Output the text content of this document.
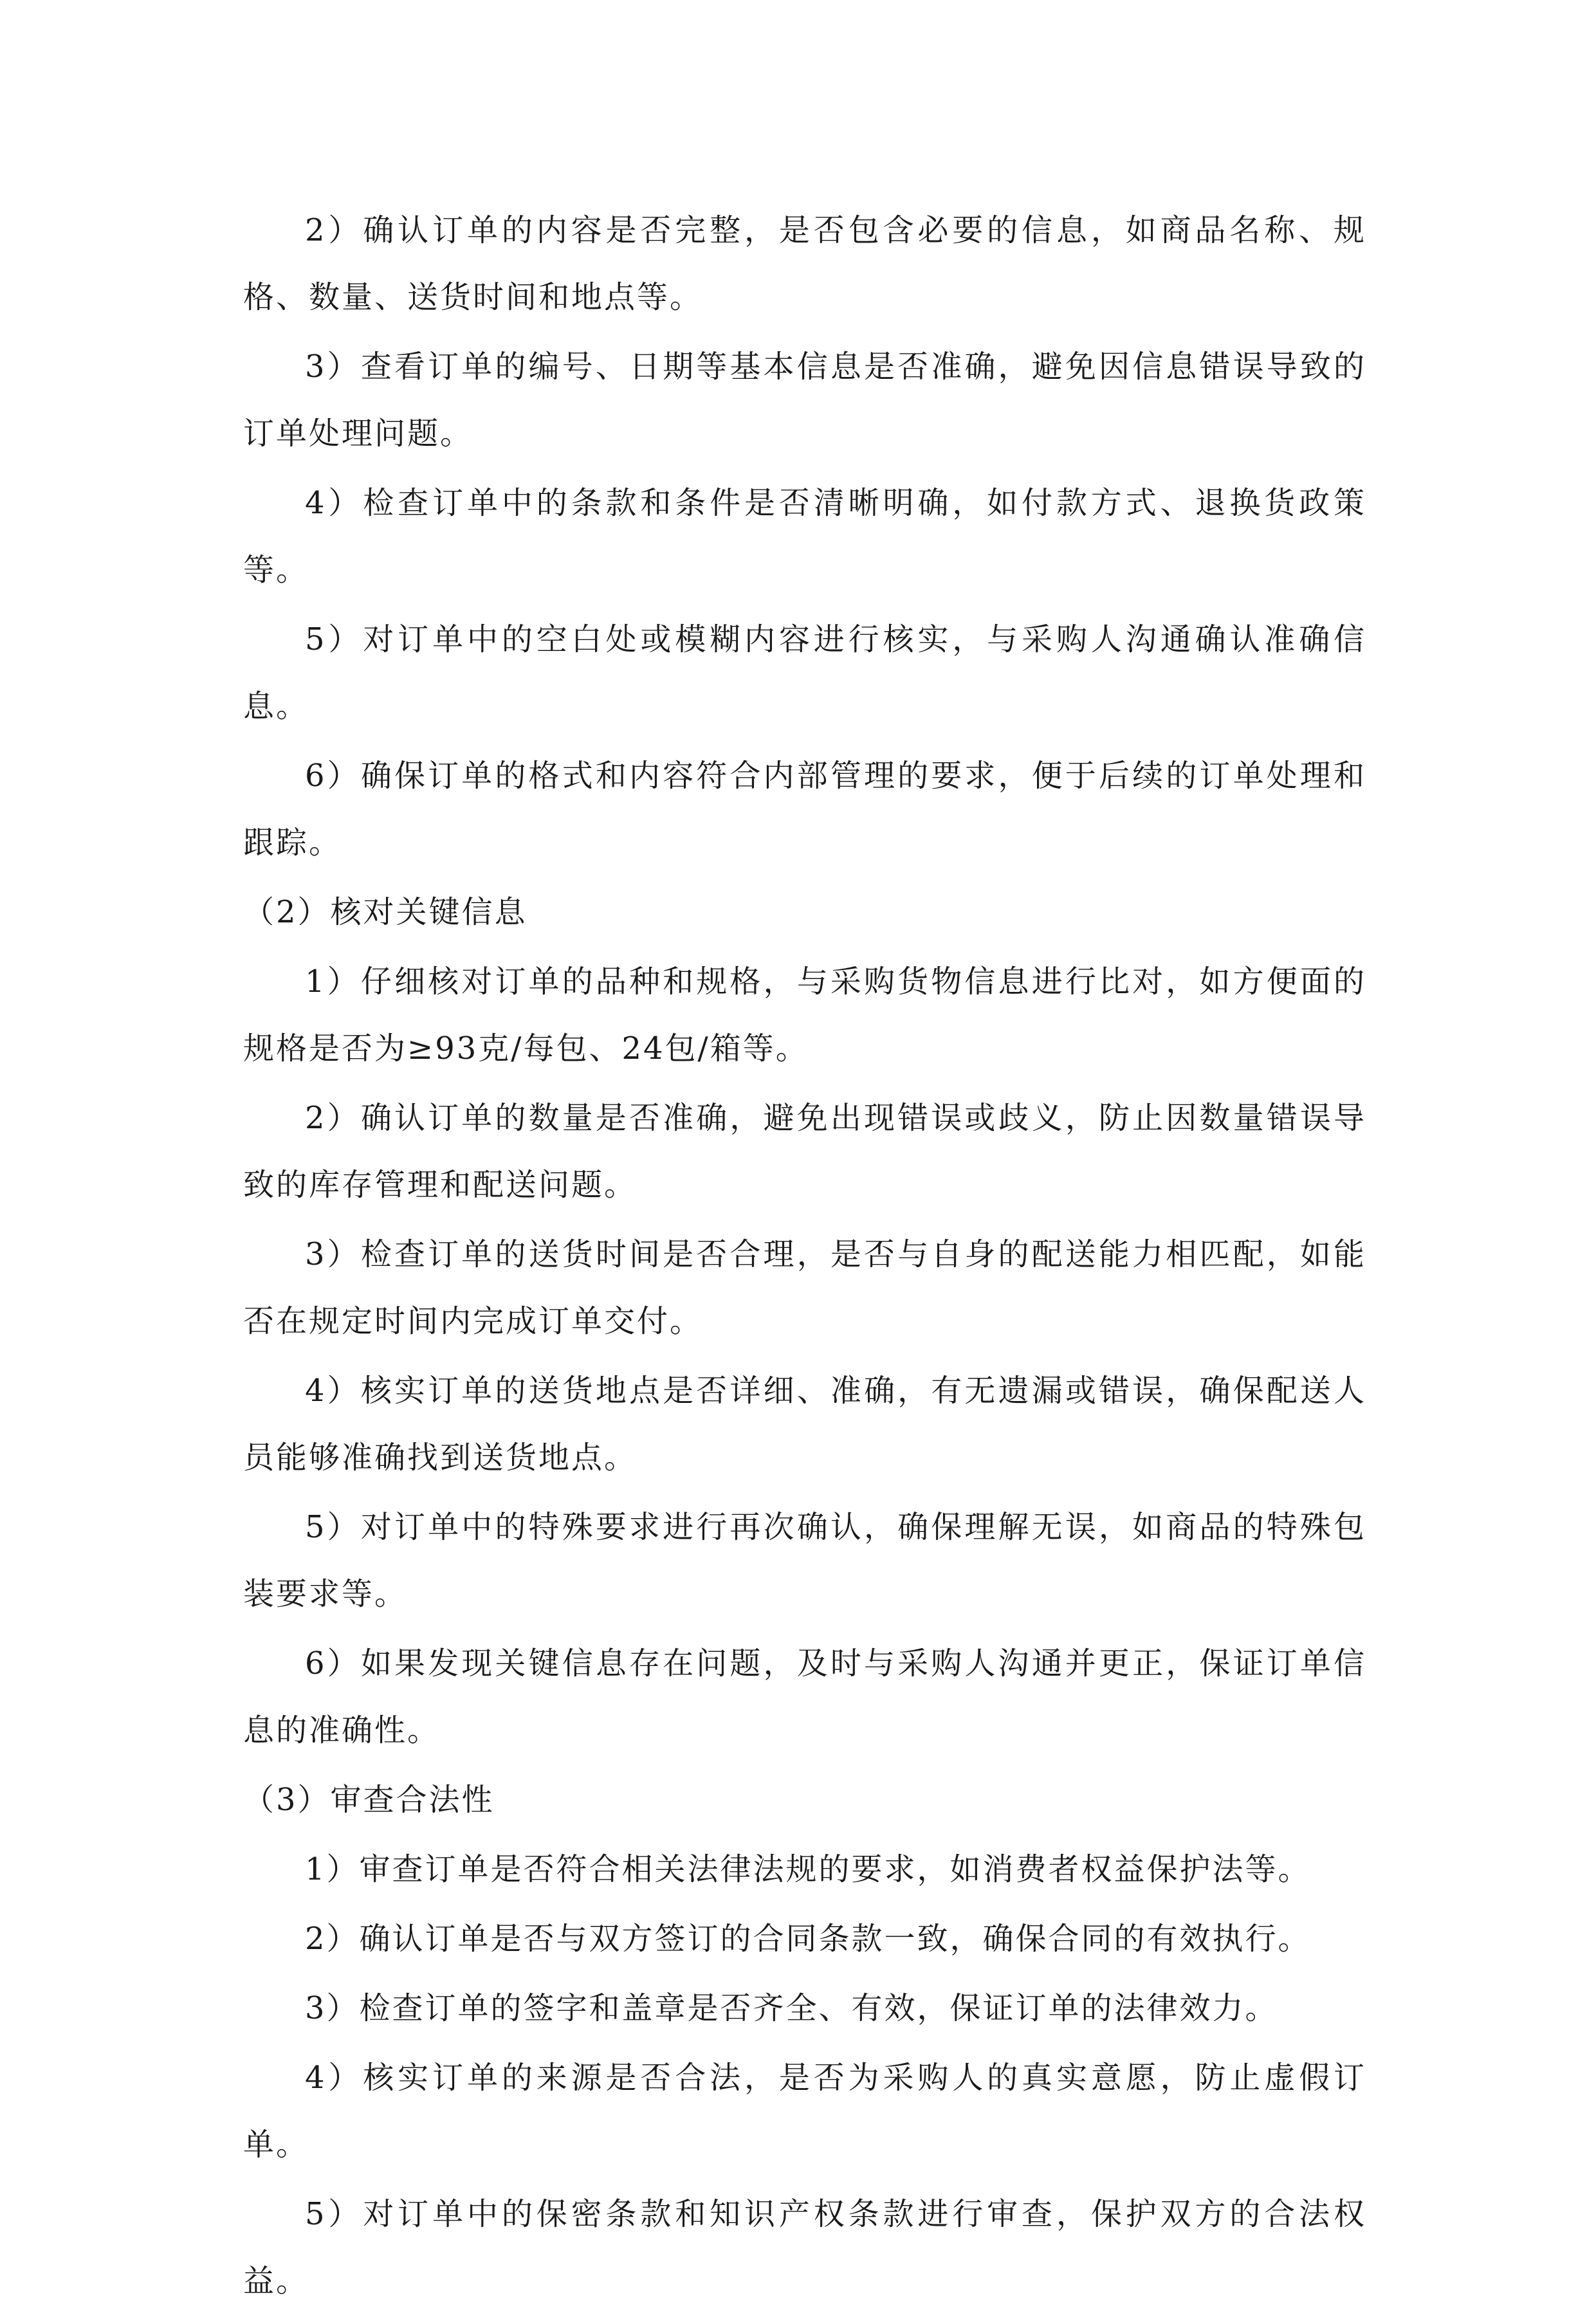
2）确认订单的内容是否完整，是否包含必要的信息，如商品名称、规格、数量、送货时间和地点等。

3）查看订单的编号、日期等基本信息是否准确，避免因信息错误导致的订单处理问题。

4）检查订单中的条款和条件是否清晰明确，如付款方式、退换货政策等。

5）对订单中的空白处或模糊内容进行核实，与采购人沟通确认准确信息。

6）确保订单的格式和内容符合内部管理的要求，便于后续的订单处理和跟踪。

（2）核对关键信息

1）仔细核对订单的品种和规格，与采购货物信息进行比对，如方便面的规格是否为≥93克/每包、24包/箱等。

2）确认订单的数量是否准确，避免出现错误或歧义，防止因数量错误导致的库存管理和配送问题。

3）检查订单的送货时间是否合理，是否与自身的配送能力相匹配，如能否在规定时间内完成订单交付。

4）核实订单的送货地点是否详细、准确，有无遗漏或错误，确保配送人员能够准确找到送货地点。

5）对订单中的特殊要求进行再次确认，确保理解无误，如商品的特殊包装要求等。

6）如果发现关键信息存在问题，及时与采购人沟通并更正，保证订单信息的准确性。

（3）审查合法性

1）审查订单是否符合相关法律法规的要求，如消费者权益保护法等。

2）确认订单是否与双方签订的合同条款一致，确保合同的有效执行。

3）检查订单的签字和盖章是否齐全、有效，保证订单的法律效力。

4）核实订单的来源是否合法，是否为采购人的真实意愿，防止虚假订单。

5）对订单中的保密条款和知识产权条款进行审查，保护双方的合法权益。
